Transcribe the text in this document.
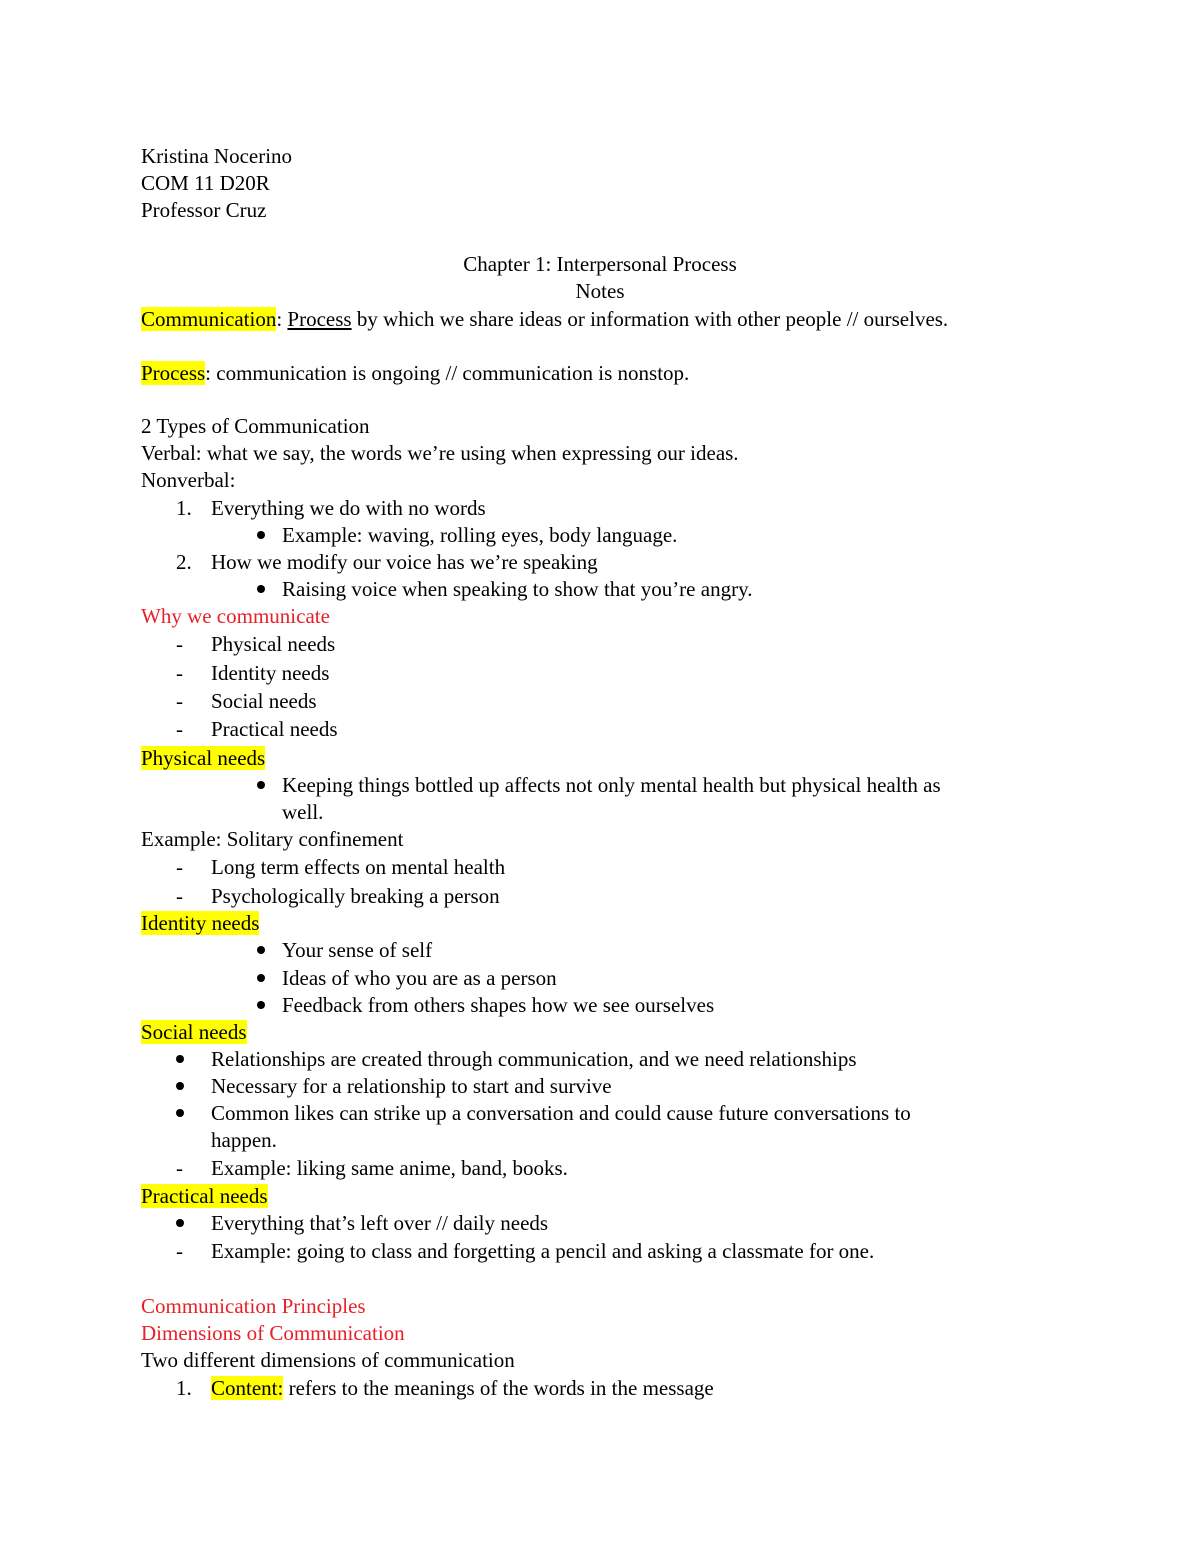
Kristina Nocerino
COM 11 D20R
Professor Cruz
Chapter 1: Interpersonal Process
Notes
Communication: Process by which we share ideas or information with other people // ourselves.
Process: communication is ongoing // communication is nonstop.
2 Types of Communication
Verbal: what we say, the words we’re using when expressing our ideas.
Nonverbal:
1. Everything we do with no words
Example: waving, rolling eyes, body language.
2. How we modify our voice has we’re speaking
Raising voice when speaking to show that you’re angry.
Why we communicate
- Physical needs
- Identity needs
- Social needs
- Practical needs
Physical needs
Keeping things bottled up affects not only mental health but physical health as
well.
Example: Solitary confinement
- Long term effects on mental health
- Psychologically breaking a person
Identity needs
Your sense of self
Ideas of who you are as a person
Feedback from others shapes how we see ourselves
Social needs
Relationships are created through communication, and we need relationships
Necessary for a relationship to start and survive
Common likes can strike up a conversation and could cause future conversations to
happen.
- Example: liking same anime, band, books.
Practical needs
Everything that’s left over // daily needs
- Example: going to class and forgetting a pencil and asking a classmate for one.
Communication Principles
Dimensions of Communication
Two different dimensions of communication
1. Content: refers to the meanings of the words in the message
